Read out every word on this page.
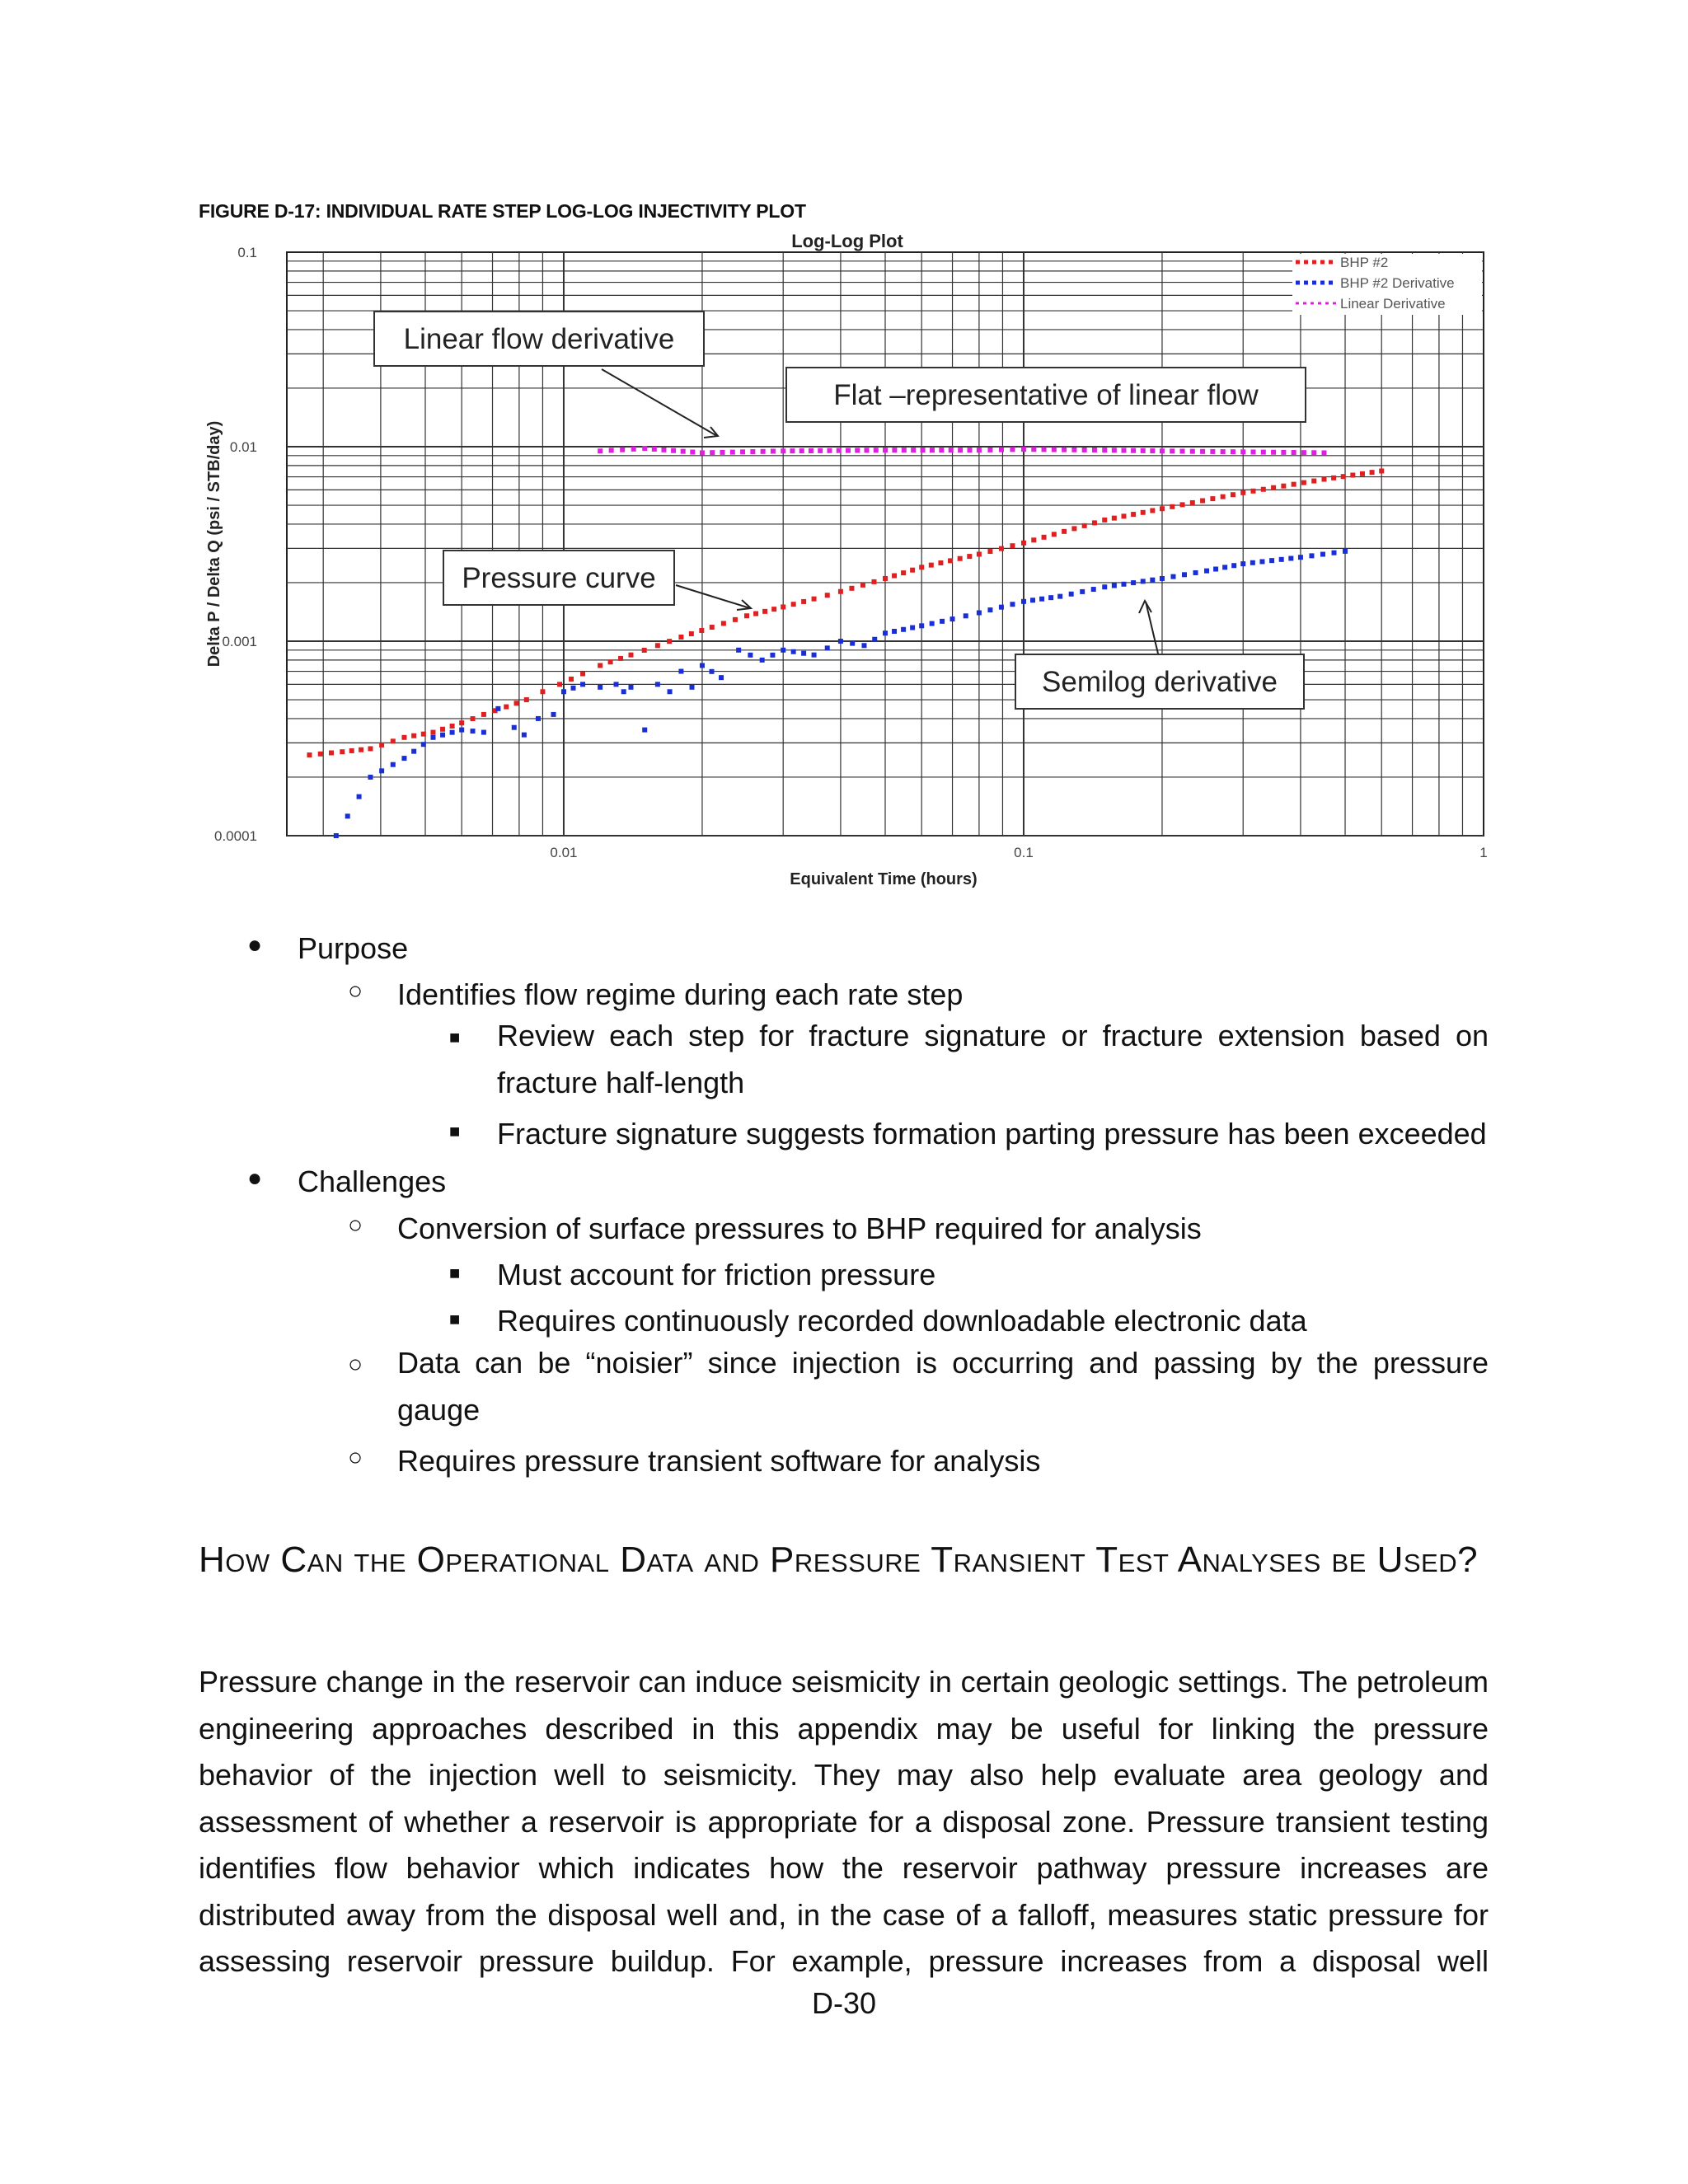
FIGURE D-17: INDIVIDUAL RATE STEP LOG-LOG INJECTIVITY PLOT
0.01	0.1	1
0.1
0.01
0.001
0.0001
Log-Log Plot
Equivalent Time (hours)
Delta P / Delta Q (psi / STB/day)
Linear flow derivative
Flat –representative of linear flow
Pressure curve
Semilog derivative
BHP #2
BHP #2 Derivative
Linear Derivative
● Purpose
○ Identifies flow regime during each rate step
■ Review each step for fracture signature or fracture extension based on fracture half-length
■ Fracture signature suggests formation parting pressure has been exceeded
● Challenges
○ Conversion of surface pressures to BHP required for analysis
■ Must account for friction pressure
■ Requires continuously recorded downloadable electronic data
○ Data can be “noisier” since injection is occurring and passing by the pressure gauge
○ Requires pressure transient software for analysis
How Can the Operational Data and Pressure Transient Test Analyses be Used?
Pressure change in the reservoir can induce seismicity in certain geologic settings. The petroleum engineering approaches described in this appendix may be useful for linking the pressure behavior of the injection well to seismicity. They may also help evaluate area geology and assessment of whether a reservoir is appropriate for a disposal zone. Pressure transient testing identifies flow behavior which indicates how the reservoir pathway pressure increases are distributed away from the disposal well and, in the case of a falloff, measures static pressure for assessing reservoir pressure buildup. For example, pressure increases from a disposal well
D-30
